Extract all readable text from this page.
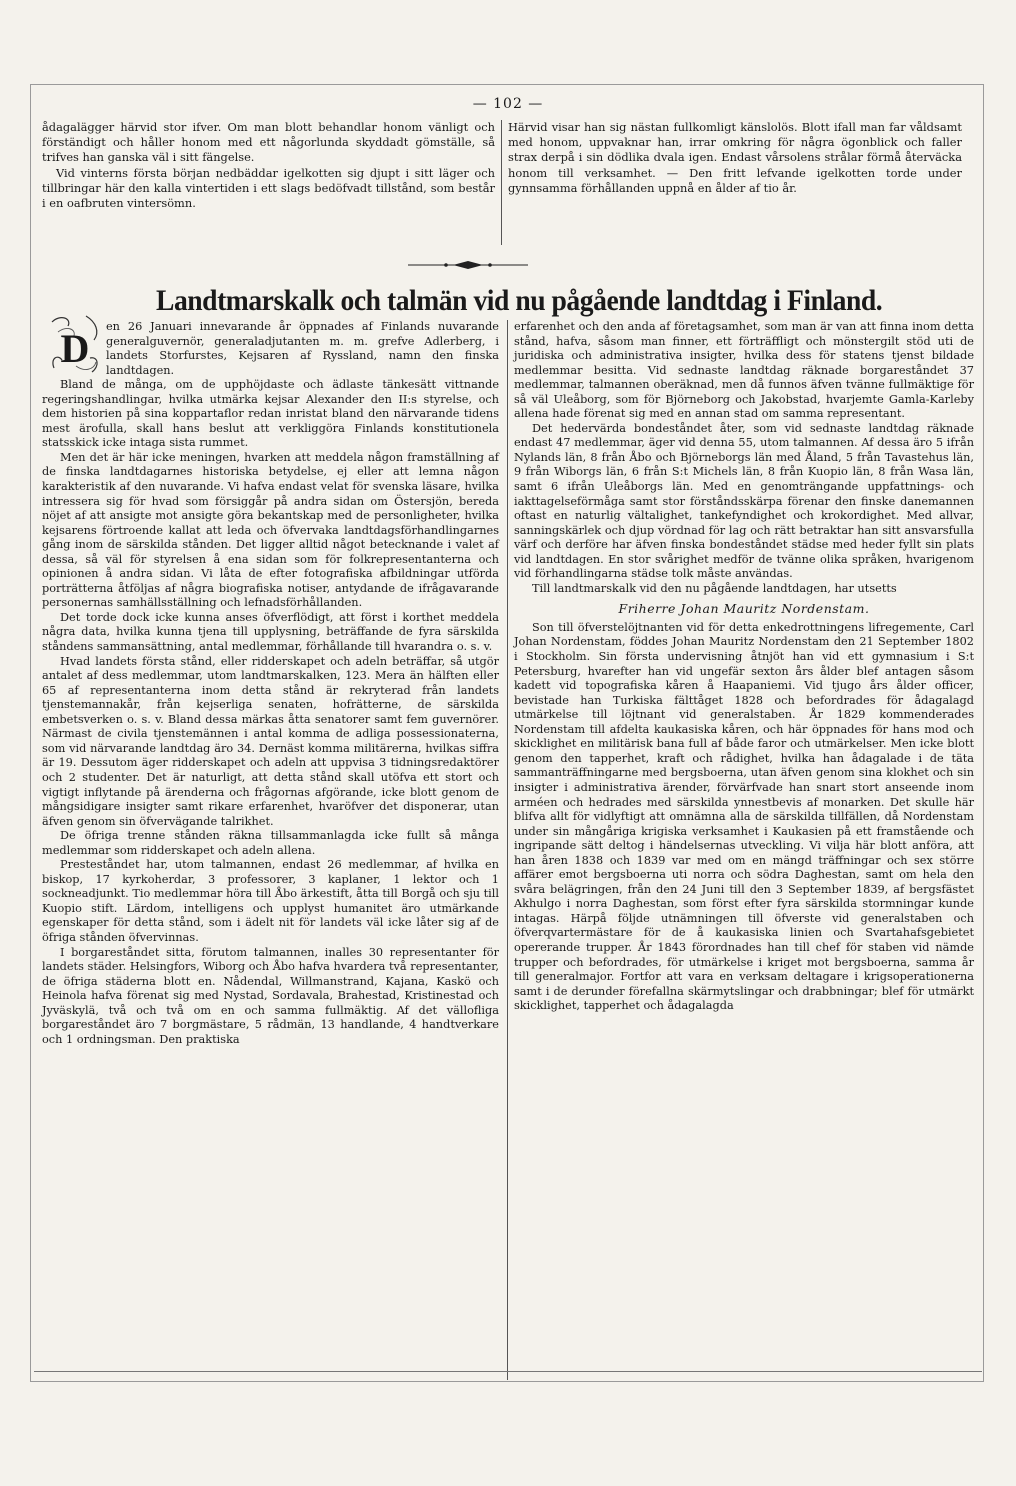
— 102 —

ådagalägger härvid stor ifver. Om man blott behandlar honom vänligt och förständigt och håller honom med ett någorlunda skyddadt gömställe, så trifves han ganska väl i sitt fängelse.

Vid vinterns första början nedbäddar igelkotten sig djupt i sitt läger och tillbringar här den kalla vintertiden i ett slags bedöfvadt tillstånd, som består i en oafbruten vintersömn.

Härvid visar han sig nästan fullkomligt känslolös. Blott ifall man far våldsamt med honom, uppvaknar han, irrar omkring för några ögonblick och faller strax derpå i sin dödlika dvala igen. Endast vårsolens strålar förmå återväcka honom till verksamhet. — Den fritt lefvande igelkotten torde under gynnsamma förhållanden uppnå en ålder af tio år.

Landtmarskalk och talmän vid nu pågående landtdag i Finland.
D	en 26 Januari innevarande år öppnades af Finlands nuvarande generalguvernör, generaladjutanten m. m. grefve Adlerberg, i landets Storfurstes, Kejsaren af Ryssland, namn den finska landtdagen.

Bland de många, om de upphöjdaste och ädlaste tänkesätt vittnande regeringshandlingar, hvilka utmärka kejsar Alexander den II:s styrelse, och dem historien på sina koppartaflor redan inristat bland den närvarande tidens mest ärofulla, skall hans beslut att verkliggöra Finlands konstitutionela statsskick icke intaga sista rummet.

Men det är här icke meningen, hvarken att meddela någon framställning af de finska landtdagarnes historiska betydelse, ej eller att lemna någon karakteristik af den nuvarande. Vi hafva endast velat för svenska läsare, hvilka intressera sig för hvad som försiggår på andra sidan om Östersjön, bereda nöjet af att ansigte mot ansigte göra bekantskap med de personligheter, hvilka kejsarens förtroende kallat att leda och öfvervaka landtdagsförhandlingarnes gång inom de särskilda stånden. Det ligger alltid något betecknande i valet af dessa, så väl för styrelsen å ena sidan som för folkrepresentanterna och opinionen å andra sidan. Vi låta de efter fotografiska afbildningar utförda porträtterna åtföljas af några biografiska notiser, antydande de ifrågavarande personernas samhällsställning och lefnadsförhållanden.

Det torde dock icke kunna anses öfverflödigt, att först i korthet meddela några data, hvilka kunna tjena till upplysning, beträffande de fyra särskilda ståndens sammansättning, antal medlemmar, förhållande till hvarandra o. s. v.

Hvad landets första stånd, eller ridderskapet och adeln beträffar, så utgör antalet af dess medlemmar, utom landtmarskalken, 123. Mera än hälften eller 65 af representanterna inom detta stånd är rekryterad från landets tjenstemannakår, från kejserliga senaten, hofrätterne, de särskilda embetsverken o. s. v. Bland dessa märkas åtta senatorer samt fem guvernörer. Närmast de civila tjenstemännen i antal komma de adliga possessionaterna, som vid närvarande landtdag äro 34. Dernäst komma militärerna, hvilkas siffra är 19. Dessutom äger ridderskapet och adeln att uppvisa 3 tidningsredaktörer och 2 studenter. Det är naturligt, att detta stånd skall utöfva ett stort och vigtigt inflytande på ärenderna och frågornas afgörande, icke blott genom de mångsidigare insigter samt rikare erfarenhet, hvaröfver det disponerar, utan äfven genom sin öfvervägande talrikhet.

De öfriga trenne stånden räkna tillsammanlagda icke fullt så många medlemmar som ridderskapet och adeln allena.

Presteståndet har, utom talmannen, endast 26 medlemmar, af hvilka en biskop, 17 kyrkoherdar, 3 professorer, 3 kaplaner, 1 lektor och 1 sockneadjunkt. Tio medlemmar höra till Åbo ärkestift, åtta till Borgå och sju till Kuopio stift. Lärdom, intelligens och upplyst humanitet äro utmärkande egenskaper för detta stånd, som i ädelt nit för landets väl icke låter sig af de öfriga stånden öfvervinnas.

I borgareståndet sitta, förutom talmannen, inalles 30 representanter för landets städer. Helsingfors, Wiborg och Åbo hafva hvardera två representanter, de öfriga städerna blott en. Nådendal, Willmanstrand, Kajana, Kaskö och Heinola hafva förenat sig med Nystad, Sordavala, Brahestad, Kristinestad och Jyväskylä, två och två om en och samma fullmäktig. Af det vällofliga borgareståndet äro 7 borgmästare, 5 rådmän, 13 handlande, 4 handtverkare och 1 ordningsman. Den praktiska

erfarenhet och den anda af företagsamhet, som man är van att finna inom detta stånd, hafva, såsom man finner, ett förträffligt och mönstergilt stöd uti de juridiska och administrativa insigter, hvilka dess för statens tjenst bildade medlemmar besitta. Vid sednaste landtdag räknade borgareståndet 37 medlemmar, talmannen oberäknad, men då funnos äfven tvänne fullmäktige för så väl Uleåborg, som för Björneborg och Jakobstad, hvarjemte Gamla-Karleby allena hade förenat sig med en annan stad om samma representant.

Det hedervärda bondeståndet åter, som vid sednaste landtdag räknade endast 47 medlemmar, äger vid denna 55, utom talmannen. Af dessa äro 5 ifrån Nylands län, 8 från Åbo och Björneborgs län med Åland, 5 från Tavastehus län, 9 från Wiborgs län, 6 från S:t Michels län, 8 från Kuopio län, 8 från Wasa län, samt 6 ifrån Uleåborgs län. Med en genomträngande uppfattnings- och iakttagelseförmåga samt stor förståndsskärpa förenar den finske danemannen oftast en naturlig vältalighet, tankefyndighet och krokordighet. Med allvar, sanningskärlek och djup vördnad för lag och rätt betraktar han sitt ansvarsfulla värf och derföre har äfven finska bondeståndet städse med heder fyllt sin plats vid landtdagen. En stor svårighet medför de tvänne olika språken, hvarigenom vid förhandlingarna städse tolk måste användas.

Till landtmarskalk vid den nu pågående landtdagen, har utsetts

Friherre Johan Mauritz Nordenstam.

Son till öfverstelöjtnanten vid för detta enkedrottningens lifregemente, Carl Johan Nordenstam, föddes Johan Mauritz Nordenstam den 21 September 1802 i Stockholm. Sin första undervisning åtnjöt han vid ett gymnasium i S:t Petersburg, hvarefter han vid ungefär sexton års ålder blef antagen såsom kadett vid topografiska kåren å Haapaniemi. Vid tjugo års ålder officer, bevistade han Turkiska fälttåget 1828 och befordrades för ådagalagd utmärkelse till löjtnant vid generalstaben. År 1829 kommenderades Nordenstam till afdelta kaukasiska kåren, och här öppnades för hans mod och skicklighet en militärisk bana full af både faror och utmärkelser. Men icke blott genom den tapperhet, kraft och rådighet, hvilka han ådagalade i de täta sammanträffningarne med bergsboerna, utan äfven genom sina klokhet och sin insigter i administrativa ärender, förvärfvade han snart stort anseende inom arméen och hedrades med särskilda ynnestbevis af monarken. Det skulle här blifva allt för vidlyftigt att omnämna alla de särskilda tillfällen, då Nordenstam under sin mångåriga krigiska verksamhet i Kaukasien på ett framstående och ingripande sätt deltog i händelsernas utveckling. Vi vilja här blott anföra, att han åren 1838 och 1839 var med om en mängd träffningar och sex större affärer emot bergsboerna uti norra och södra Daghestan, samt om hela den svåra belägringen, från den 24 Juni till den 3 September 1839, af bergsfästet Akhulgo i norra Daghestan, som först efter fyra särskilda stormningar kunde intagas. Härpå följde utnämningen till öfverste vid generalstaben och öfverqvartermästare för de å kaukasiska linien och Svartahafsgebietet opererande trupper. År 1843 förordnades han till chef för staben vid nämde trupper och befordrades, för utmärkelse i kriget mot bergsboerna, samma år till generalmajor. Fortfor att vara en verksam deltagare i krigsoperationerna samt i de derunder förefallna skärmytslingar och drabbningar; blef för utmärkt skicklighet, tapperhet och ådagalagda
